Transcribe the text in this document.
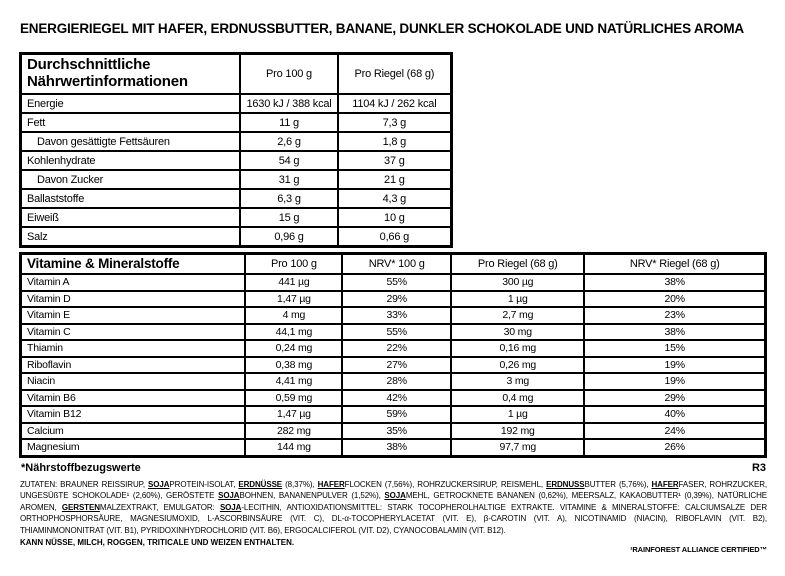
ENERGIERIEGEL MIT HAFER, ERDNUSSBUTTER, BANANE, DUNKLER SCHOKOLADE UND NATÜRLICHES AROMA
Durchschnittliche Nährwertinformationen	Pro 100 g	Pro Riegel (68 g)
Energie	1630 kJ / 388 kcal	1104 kJ / 262 kcal
Fett	11 g	7,3 g
Davon gesättigte Fettsäuren	2,6 g	1,8 g
Kohlenhydrate	54 g	37 g
Davon Zucker	31 g	21 g
Ballaststoffe	6,3 g	4,3 g
Eiweiß	15 g	10 g
Salz	0,96 g	0,66 g
Vitamine & Mineralstoffe	Pro 100 g	NRV* 100 g	Pro Riegel (68 g)	NRV* Riegel (68 g)
Vitamin A	441 µg	55%	300 µg	38%
Vitamin D	1,47 µg	29%	1 µg	20%
Vitamin E	4 mg	33%	2,7 mg	23%
Vitamin C	44,1 mg	55%	30 mg	38%
Thiamin	0,24 mg	22%	0,16 mg	15%
Riboflavin	0,38 mg	27%	0,26 mg	19%
Niacin	4,41 mg	28%	3 mg	19%
Vitamin B6	0,59 mg	42%	0,4 mg	29%
Vitamin B12	1,47 µg	59%	1 µg	40%
Calcium	282 mg	35%	192 mg	24%
Magnesium	144 mg	38%	97,7 mg	26%
*Nährstoffbezugswerte	R3

ZUTATEN: BRAUNER REISSIRUP, SOJAPROTEIN-ISOLAT, ERDNÜSSE (8,37%), HAFERFLOCKEN (7,56%), ROHRZUCKERSIRUP, REISMEHL, ERDNUSSBUTTER (5,76%), HAFERFASER, ROHRZUCKER, UNGESÜßTE SCHOKOLADE¹ (2,60%), GERÖSTETE SOJABOHNEN, BANANENPULVER (1,52%), SOJAMEHL, GETROCKNETE BANANEN (0,62%), MEERSALZ, KAKAOBUTTER¹ (0,39%), NATÜRLICHE AROMEN, GERSTENMALZEXTRAKT, EMULGATOR: SOJA-LECITHIN, ANTIOXIDATIONSMITTEL: STARK TOCOPHEROLHALTIGE EXTRAKTE. VITAMINE & MINERALSTOFFE: CALCIUMSALZE DER ORTHOPHOSPHORSÄURE, MAGNESIUMOXID, L-ASCORBINSÄURE (VIT. C), DL-α-TOCOPHERYLACETAT (VIT. E), β-CAROTIN (VIT. A), NICOTINAMID (NIACIN), RIBOFLAVIN (VIT. B2), THIAMINMONONITRAT (VIT. B1), PYRIDOXINHYDROCHLORID (VIT. B6), ERGOCALCIFEROL (VIT. D2), CYANOCOBALAMIN (VIT. B12).

KANN NÜSSE, MILCH, ROGGEN, TRITICALE UND WEIZEN ENTHALTEN.

¹RAINFOREST ALLIANCE CERTIFIED™
